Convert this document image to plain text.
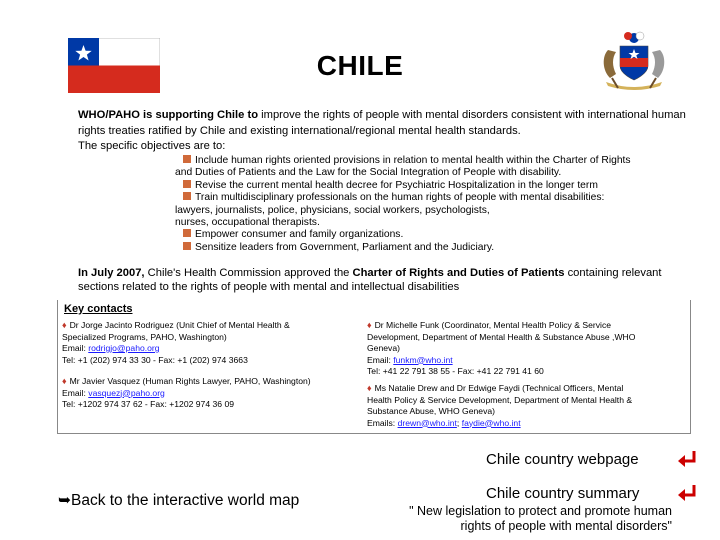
CHILE
WHO/PAHO is supporting Chile to improve the rights of people with mental disorders consistent with international human rights treaties ratified by Chile and existing international/regional mental health standards.
The specific objectives are to:
Include human rights oriented provisions in relation to mental health within the Charter of Rights
and Duties of Patients and the Law for the Social Integration of People with disability.
Revise the current mental health decree for Psychiatric Hospitalization in the longer term
Train multidisciplinary professionals on the human rights of people with mental disabilities:
lawyers, journalists, police, physicians, social workers, psychologists, nurses, occupational therapists.
Empower consumer and family organizations.
Sensitize leaders from Government, Parliament and the Judiciary.
In July 2007, Chile's Health Commission approved the Charter of Rights and Duties of Patients containing relevant sections related to the rights of people with mental and intellectual disabilities
Key contacts
♦ Dr Jorge Jacinto Rodriguez (Unit Chief of Mental Health &
Specialized Programs, PAHO, Washington)
Email: rodrigjo@paho.org
Tel: +1 (202) 974 33 30 - Fax: +1 (202) 974 3663
♦ Mr Javier Vasquez (Human Rights Lawyer, PAHO, Washington)
Email: vasquezj@paho.org
Tel: +1202 974 37 62 - Fax: +1202 974 36 09
♦ Dr Michelle Funk (Coordinator, Mental Health Policy & Service
Development, Department of Mental Health & Substance Abuse ,WHO
Geneva)
Email: funkm@who.int
Tel: +41 22 791 38 55 - Fax: +41 22 791 41 60
♦ Ms Natalie Drew and Dr Edwige Faydi (Technical Officers, Mental
Health Policy & Service Development, Department of Mental Health &
Substance Abuse, WHO Geneva)
Emails: drewn@who.int; faydie@who.int
Chile country webpage
Chile country summary
➥Back to the interactive world map
" New legislation to protect and promote human
rights of people with mental disorders"
